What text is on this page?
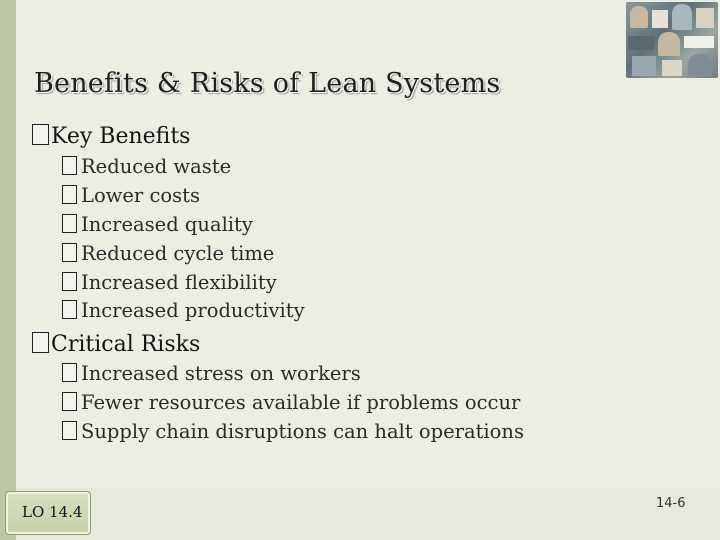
Benefits & Risks of Lean Systems
Key Benefits
Reduced waste
Lower costs
Increased quality
Reduced cycle time
Increased flexibility
Increased productivity
Critical Risks
Increased stress on workers
Fewer resources available if problems occur
Supply chain disruptions can halt operations
LO 14.4	14-6
